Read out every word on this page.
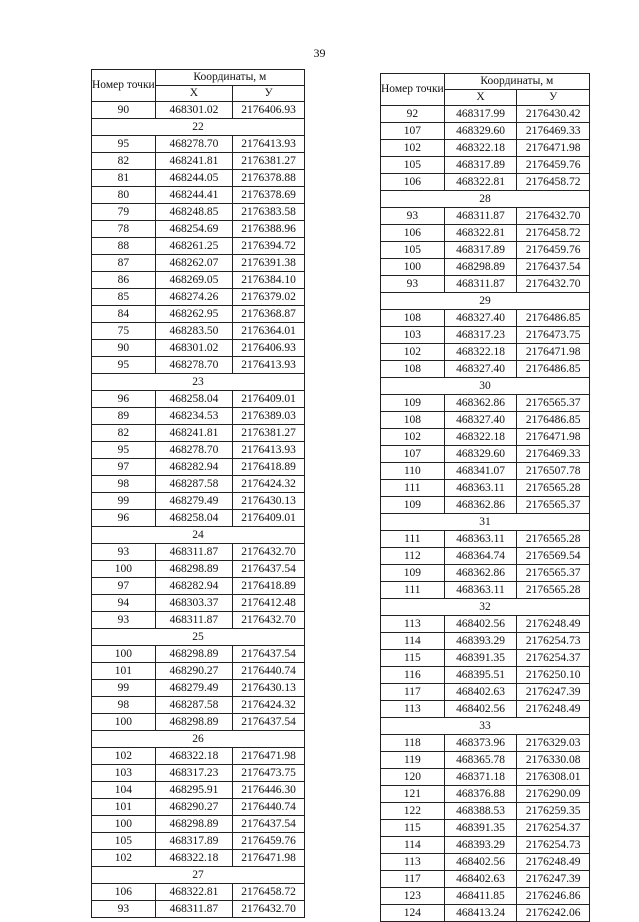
39
Номер точки	Координаты, м	
	X	У
90	468301.02	2176406.93
22		
95	468278.70	2176413.93
82	468241.81	2176381.27
81	468244.05	2176378.88
80	468244.41	2176378.69
79	468248.85	2176383.58
78	468254.69	2176388.96
88	468261.25	2176394.72
87	468262.07	2176391.38
86	468269.05	2176384.10
85	468274.26	2176379.02
84	468262.95	2176368.87
75	468283.50	2176364.01
90	468301.02	2176406.93
95	468278.70	2176413.93
23		
96	468258.04	2176409.01
89	468234.53	2176389.03
82	468241.81	2176381.27
95	468278.70	2176413.93
97	468282.94	2176418.89
98	468287.58	2176424.32
99	468279.49	2176430.13
96	468258.04	2176409.01
24		
93	468311.87	2176432.70
100	468298.89	2176437.54
97	468282.94	2176418.89
94	468303.37	2176412.48
93	468311.87	2176432.70
25		
100	468298.89	2176437.54
101	468290.27	2176440.74
99	468279.49	2176430.13
98	468287.58	2176424.32
100	468298.89	2176437.54
26		
102	468322.18	2176471.98
103	468317.23	2176473.75
104	468295.91	2176446.30
101	468290.27	2176440.74
100	468298.89	2176437.54
105	468317.89	2176459.76
102	468322.18	2176471.98
27		
106	468322.81	2176458.72
93	468311.87	2176432.70
Номер точки	Координаты, м	
	X	У
92	468317.99	2176430.42
107	468329.60	2176469.33
102	468322.18	2176471.98
105	468317.89	2176459.76
106	468322.81	2176458.72
28		
93	468311.87	2176432.70
106	468322.81	2176458.72
105	468317.89	2176459.76
100	468298.89	2176437.54
93	468311.87	2176432.70
29		
108	468327.40	2176486.85
103	468317.23	2176473.75
102	468322.18	2176471.98
108	468327.40	2176486.85
30		
109	468362.86	2176565.37
108	468327.40	2176486.85
102	468322.18	2176471.98
107	468329.60	2176469.33
110	468341.07	2176507.78
111	468363.11	2176565.28
109	468362.86	2176565.37
31		
111	468363.11	2176565.28
112	468364.74	2176569.54
109	468362.86	2176565.37
111	468363.11	2176565.28
32		
113	468402.56	2176248.49
114	468393.29	2176254.73
115	468391.35	2176254.37
116	468395.51	2176250.10
117	468402.63	2176247.39
113	468402.56	2176248.49
33		
118	468373.96	2176329.03
119	468365.78	2176330.08
120	468371.18	2176308.01
121	468376.88	2176290.09
122	468388.53	2176259.35
115	468391.35	2176254.37
114	468393.29	2176254.73
113	468402.56	2176248.49
117	468402.63	2176247.39
123	468411.85	2176246.86
124	468413.24	2176242.06
